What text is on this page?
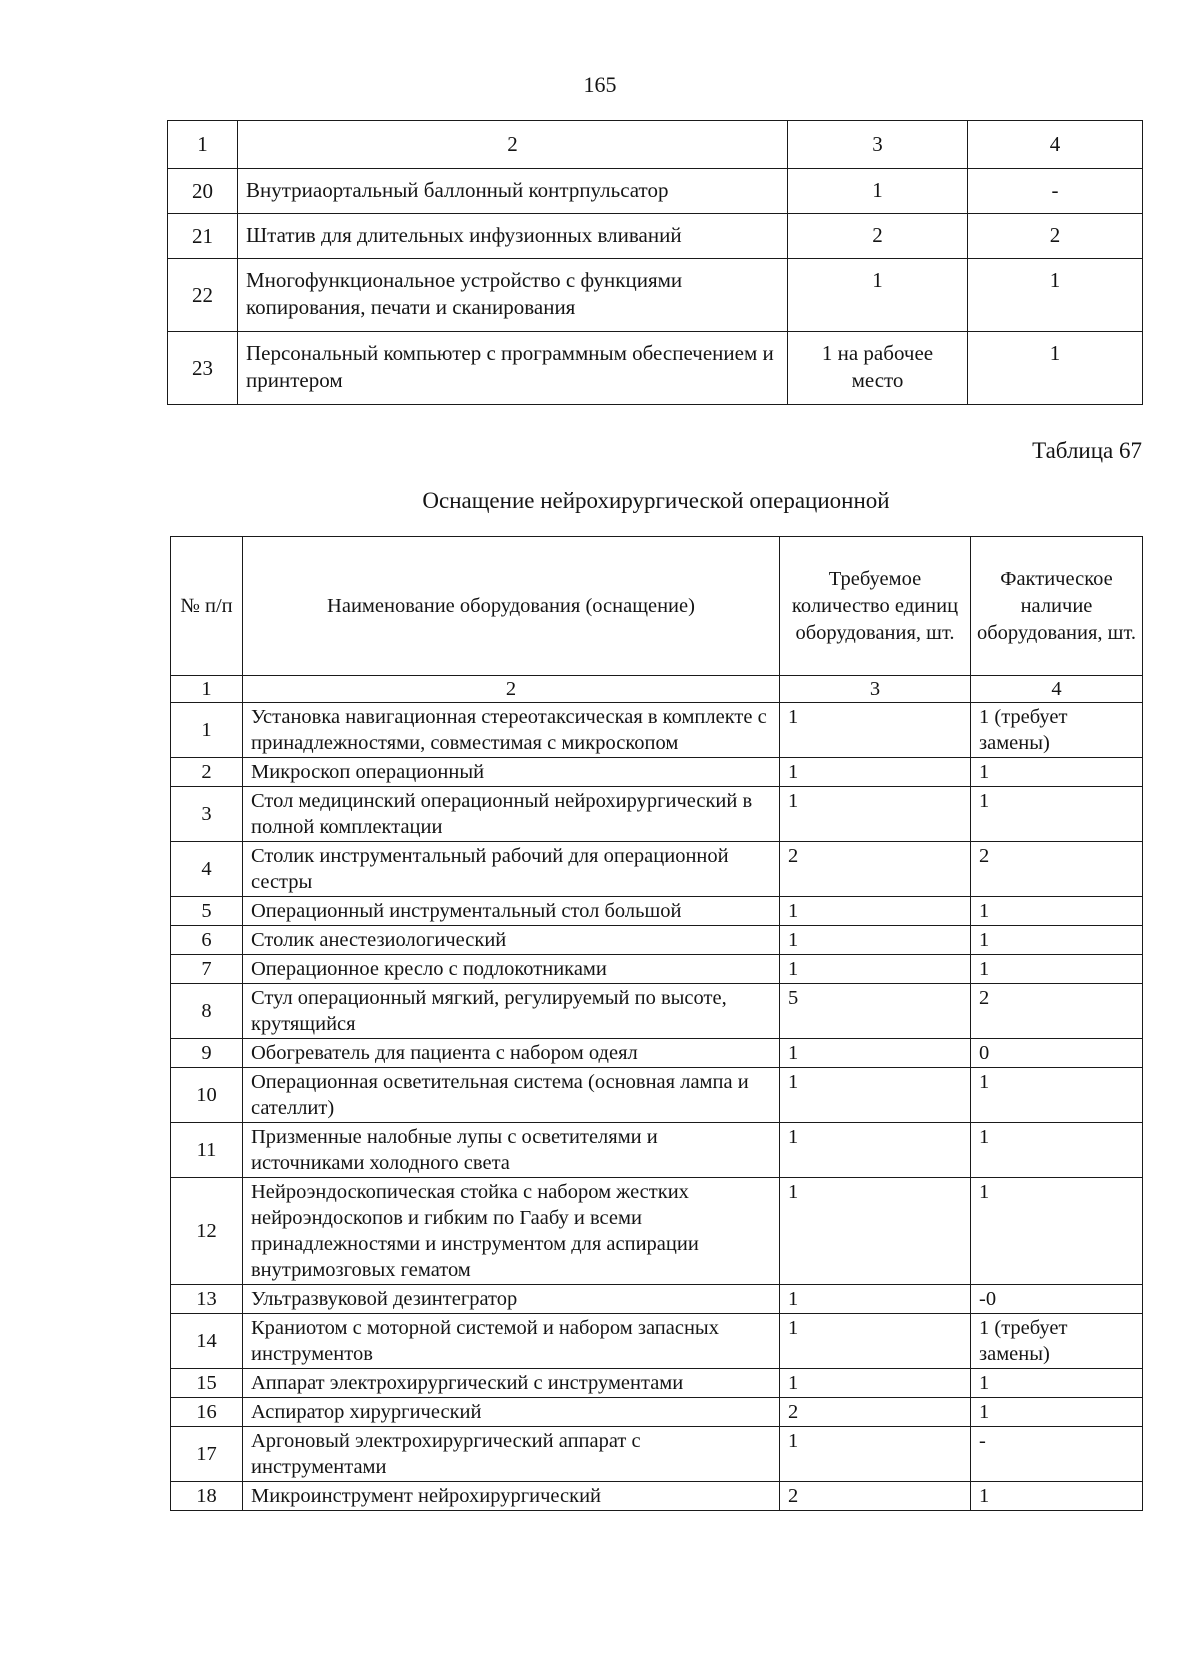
165
1	2	3	4
20	Внутриаортальный баллонный контрпульсатор	1	-
21	Штатив для длительных инфузионных вливаний	2	2
22	Многофункциональное устройство с функциями копирования, печати и сканирования	1	1
23	Персональный компьютер с программным обеспечением и принтером	1 на рабочее место	1
Таблица 67
Оснащение нейрохирургической операционной
№ п/п	Наименование оборудования (оснащение)	Требуемое количество единиц оборудования, шт.	Фактическое наличие оборудования, шт.
1	2	3	4
1	Установка навигационная стереотаксическая в комплекте с принадлежностями, совместимая с микроскопом	1	1 (требует замены)
2	Микроскоп операционный	1	1
3	Стол медицинский операционный нейрохирургический в полной комплектации	1	1
4	Столик инструментальный рабочий для операционной сестры	2	2
5	Операционный инструментальный стол большой	1	1
6	Столик анестезиологический	1	1
7	Операционное кресло с подлокотниками	1	1
8	Стул операционный мягкий, регулируемый по высоте, крутящийся	5	2
9	Обогреватель для пациента с набором одеял	1	0
10	Операционная осветительная система (основная лампа и сателлит)	1	1
11	Призменные налобные лупы с осветителями и источниками холодного света	1	1
12	Нейроэндоскопическая стойка с набором жестких нейроэндоскопов и гибким по Гаабу и всеми принадлежностями и инструментом для аспирации внутримозговых гематом	1	1
13	Ультразвуковой дезинтегратор	1	-0
14	Краниотом с моторной системой и набором запасных инструментов	1	1 (требует замены)
15	Аппарат электрохирургический с инструментами	1	1
16	Аспиратор хирургический	2	1
17	Аргоновый электрохирургический аппарат с инструментами	1	-
18	Микроинструмент нейрохирургический	2	1
